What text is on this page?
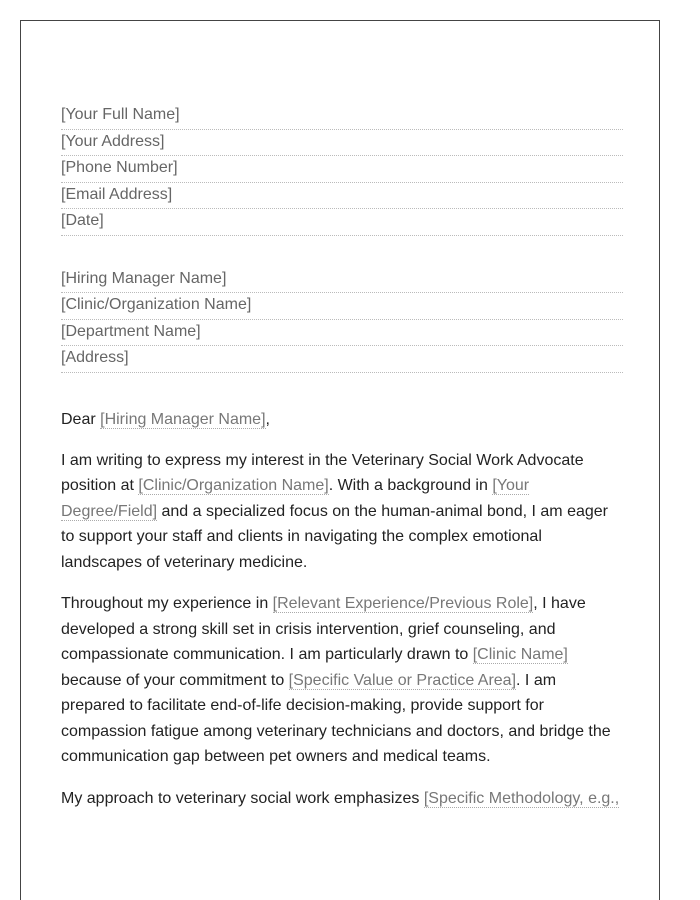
[Your Full Name]
[Your Address]
[Phone Number]
[Email Address]
[Date]
[Hiring Manager Name]
[Clinic/Organization Name]
[Department Name]
[Address]
Dear [Hiring Manager Name],
I am writing to express my interest in the Veterinary Social Work Advocate position at [Clinic/Organization Name]. With a background in [Your Degree/Field] and a specialized focus on the human-animal bond, I am eager to support your staff and clients in navigating the complex emotional landscapes of veterinary medicine.
Throughout my experience in [Relevant Experience/Previous Role], I have developed a strong skill set in crisis intervention, grief counseling, and compassionate communication. I am particularly drawn to [Clinic Name] because of your commitment to [Specific Value or Practice Area]. I am prepared to facilitate end-of-life decision-making, provide support for compassion fatigue among veterinary technicians and doctors, and bridge the communication gap between pet owners and medical teams.
My approach to veterinary social work emphasizes [Specific Methodology, e.g.,
